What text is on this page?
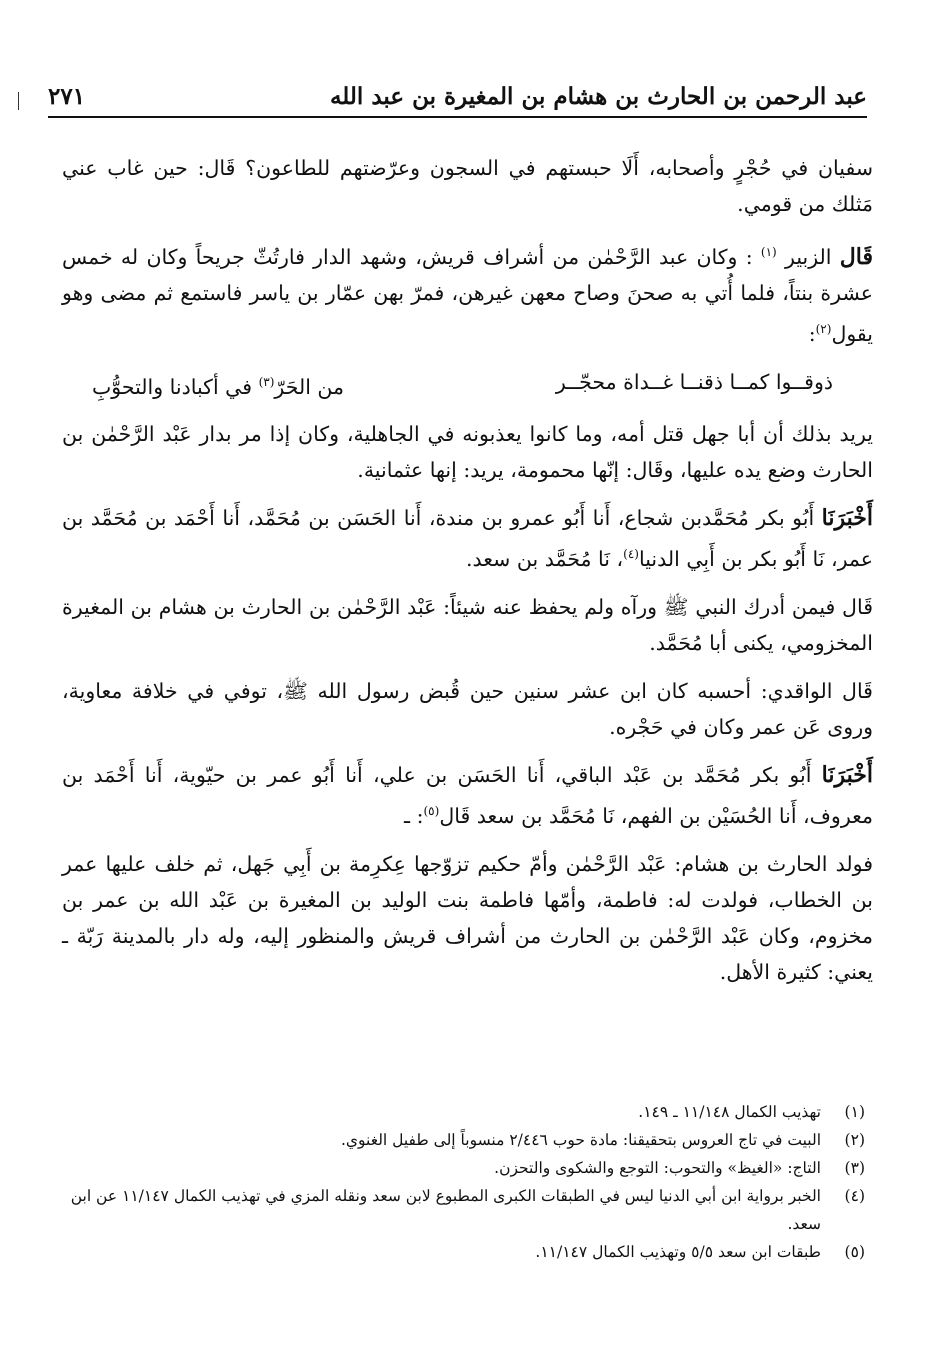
عبد الرحمن بن الحارث بن هشام بن المغيرة بن عبد الله
٢٧١

سفيان في حُجْرٍ وأصحابه، أَلَا حبستهم في السجون وعرّضتهم للطاعون؟ قَال: حين غاب عني مَثلك من قومي.

قَال الزبير $^{(١)}$ : وكان عبد الرَّحْمٰن من أشراف قريش، وشهد الدار فارتُثّ جريحاً وكان له خمس عشرة بنتاً، فلما أُتي به صحنَ وصاح معهن غيرهن، فمرّ بهن عمّار بن ياسر فاستمع ثم مضى وهو يقول$^{(٢)}$:

ذوقــوا كمــا ذقنــا غــداة محجّــر
من الحَرّ$^{(٣)}$ في أكبادنا والتحوُّبِ

يريد بذلك أن أبا جهل قتل أمه، وما كانوا يعذبونه في الجاهلية، وكان إذا مر بدار عَبْد الرَّحْمٰن بن الحارث وضع يده عليها، وقَال: إنّها محمومة، يريد: إنها عثمانية.

أَخْبَرَنَا أَبُو بكر مُحَمَّدبن شجاع، أَنا أَبُو عمرو بن مندة، أَنا الحَسَن بن مُحَمَّد، أَنا أَحْمَد بن مُحَمَّد بن عمر، نَا أَبُو بكر بن أَبِي الدنيا$^{(٤)}$، نَا مُحَمَّد بن سعد.

قَال فيمن أدرك النبي ﷺ ورآه ولم يحفظ عنه شيئاً: عَبْد الرَّحْمٰن بن الحارث بن هشام بن المغيرة المخزومي، يكنى أبا مُحَمَّد.

قَال الواقدي: أحسبه كان ابن عشر سنين حين قُبض رسول الله ﷺ، توفي في خلافة معاوية، وروى عَن عمر وكان في حَجْره.

أَخْبَرَنَا أَبُو بكر مُحَمَّد بن عَبْد الباقي، أَنا الحَسَن بن علي، أَنا أَبُو عمر بن حيّوية، أَنا أَحْمَد بن معروف، أَنا الحُسَيْن بن الفهم، نَا مُحَمَّد بن سعد قَال$^{(٥)}$: ـ

فولد الحارث بن هشام: عَبْد الرَّحْمٰن وأمّ حكيم تزوّجها عِكرِمة بن أَبِي جَهل، ثم خلف عليها عمر بن الخطاب، فولدت له: فاطمة، وأمّها فاطمة بنت الوليد بن المغيرة بن عَبْد الله بن عمر بن مخزوم، وكان عَبْد الرَّحْمٰن بن الحارث من أشراف قريش والمنظور إليه، وله دار بالمدينة رَبّة ـ يعني: كثيرة الأهل.

(١)
تهذيب الكمال ١١/١٤٨ ـ ١٤٩.
(٢)
البيت في تاج العروس بتحقيقنا: مادة حوب ٢/٤٤٦ منسوباً إلى طفيل الغنوي.
(٣)
التاج: «الغيظ» والتحوب: التوجع والشكوى والتحزن.
(٤)
الخبر برواية ابن أبي الدنيا ليس في الطبقات الكبرى المطبوع لابن سعد ونقله المزي في تهذيب الكمال ١١/١٤٧ عن ابن سعد.
(٥)
طبقات ابن سعد ٥/٥ وتهذيب الكمال ١١/١٤٧.
